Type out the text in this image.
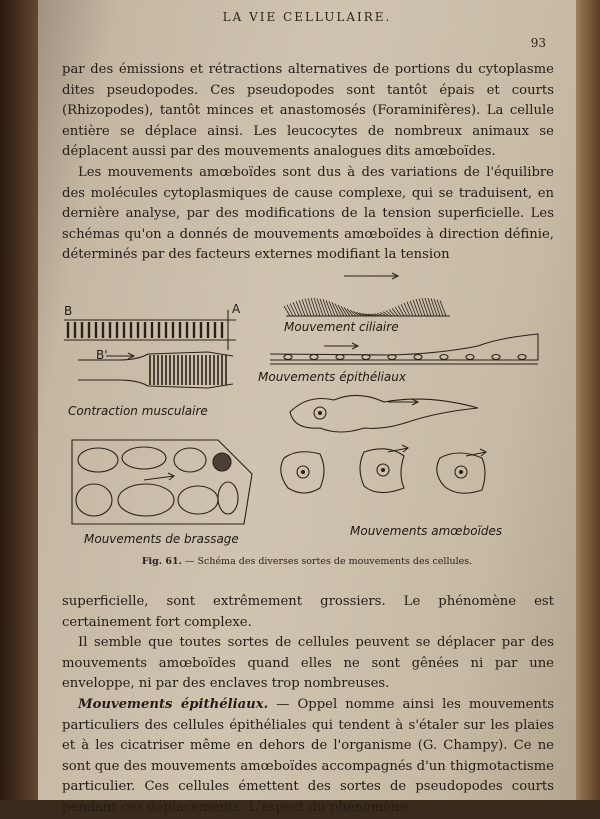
LA VIE CELLULAIRE.
93

par des émissions et rétractions alternatives de portions du cytoplasme dites pseudopodes. Ces pseudopodes sont tantôt épais et courts (Rhizopodes), tantôt minces et anastomosés (Foraminifères). La cellule entière se déplace ainsi. Les leucocytes de nombreux animaux se déplacent aussi par des mouvements analogues dits amœboïdes.

Les mouvements amœboïdes sont dus à des variations de l'équilibre des molécules cytoplasmiques de cause complexe, qui se traduisent, en dernière analyse, par des modifications de la tension superficielle. Les schémas qu'on a donnés de mouvements amœboïdes à direction définie, déterminés par des facteurs externes modifiant la tension

B	A
B'
Contraction musculaire
Mouvement ciliaire
Mouvements épithéliaux
Mouvements de brassage
Mouvements amœboïdes
Fig. 61. — Schéma des diverses sortes de mouvements des cellules.

superficielle, sont extrêmement grossiers. Le phénomène est certainement fort complexe.

Il semble que toutes sortes de cellules peuvent se déplacer par des mouvements amœboïdes quand elles ne sont gênées ni par une enveloppe, ni par des enclaves trop nombreuses.

Mouvements épithéliaux. — Oppel nomme ainsi les mouvements particuliers des cellules épithéliales qui tendent à s'étaler sur les plaies et à les cicatriser même en dehors de l'organisme (G. Champy). Ce ne sont que des mouvements amœboïdes accompagnés d'un thigmotactisme particulier. Ces cellules émettent des sortes de pseudopodes courts pendant ces déplacements. L'aspect du phénomène
